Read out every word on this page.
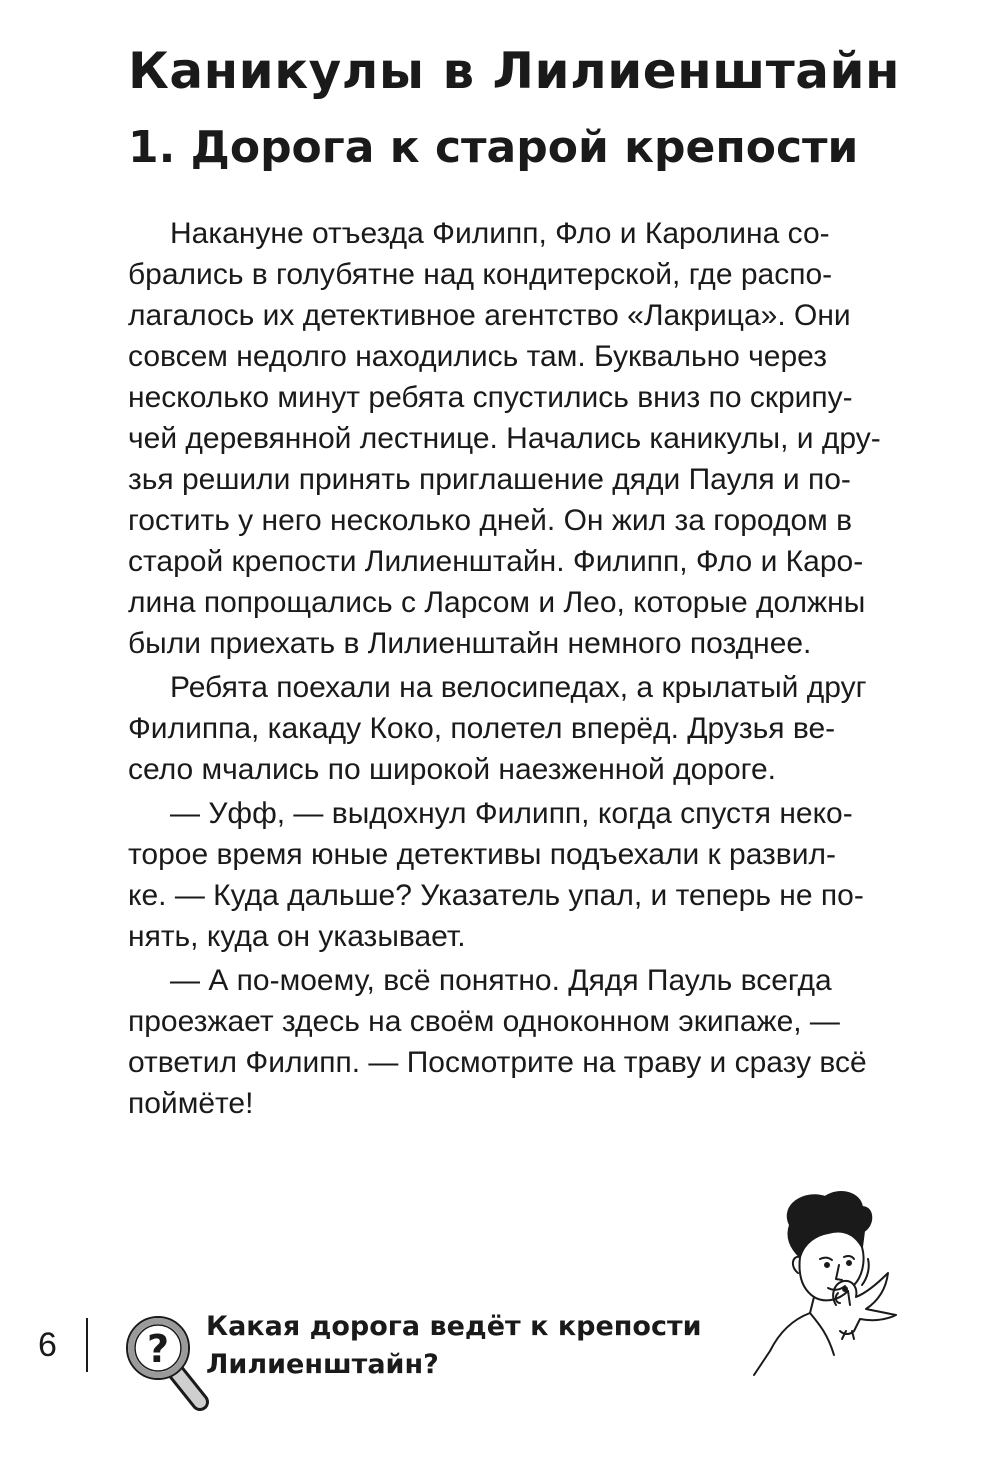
Каникулы в Лилиенштайн
1. Дорога к старой крепости

Накануне отъезда Филипп, Фло и Каролина со-
брались в голубятне над кондитерской, где распо-
лагалось их детективное агентство «Лакрица». Они
совсем недолго находились там. Буквально через
несколько минут ребята спустились вниз по скрипу-
чей деревянной лестнице. Начались каникулы, и дру-
зья решили принять приглашение дяди Пауля и по-
гостить у него несколько дней. Он жил за городом в
старой крепости Лилиенштайн. Филипп, Фло и Каро-
лина попрощались с Ларсом и Лео, которые должны
были приехать в Лилиенштайн немного позднее.

Ребята поехали на велосипедах, а крылатый друг
Филиппа, какаду Коко, полетел вперёд. Друзья ве-
село мчались по широкой наезженной дороге.

— Уфф, — выдохнул Филипп, когда спустя неко-
торое время юные детективы подъехали к развил-
ке. — Куда дальше? Указатель упал, и теперь не по-
нять, куда он указывает.

— А по-моему, всё понятно. Дядя Пауль всегда
проезжает здесь на своём одноконном экипаже, —
ответил Филипп. — Посмотрите на траву и сразу всё
поймёте!

6 ?
Какая дорога ведёт к крепости
Лилиенштайн?
